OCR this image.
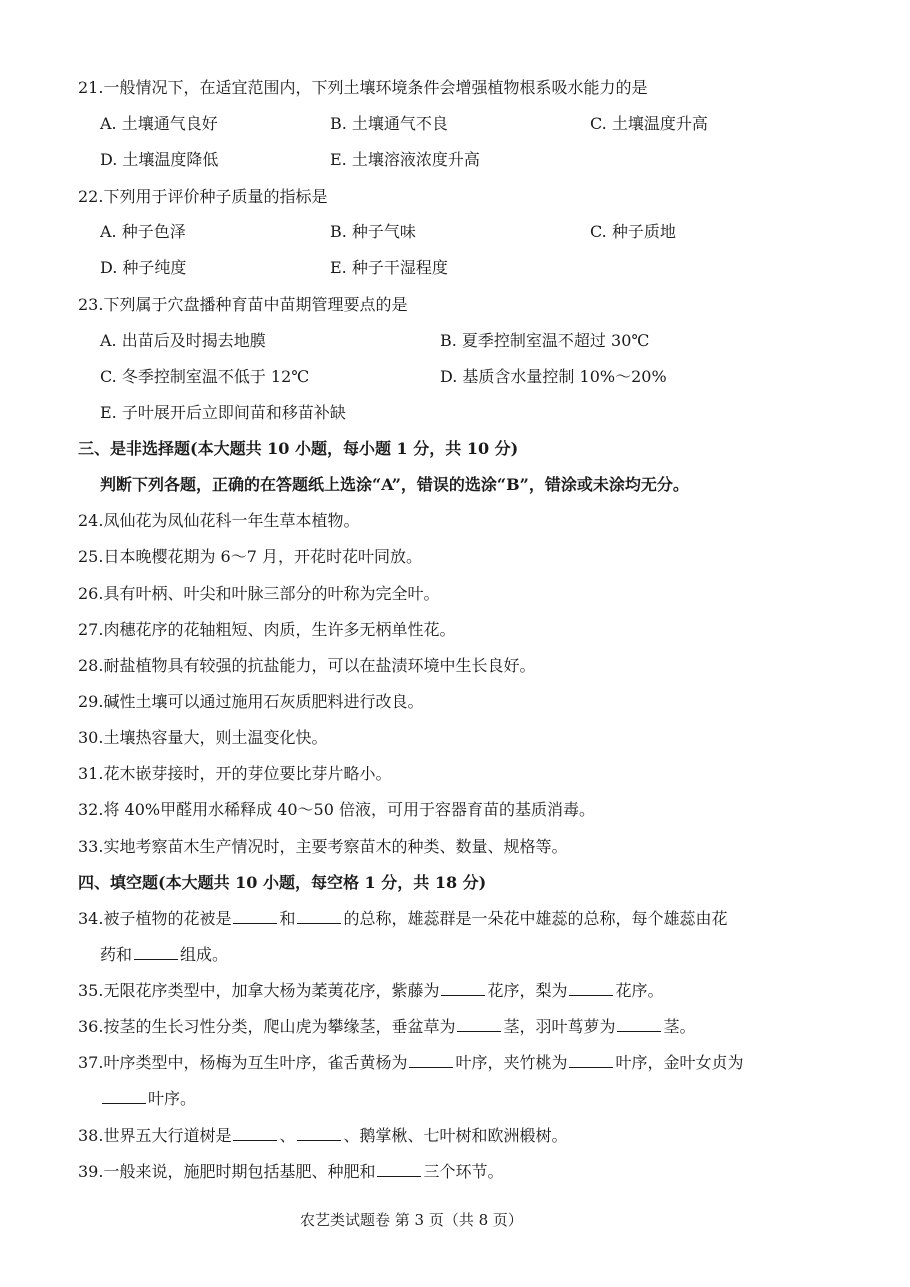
21.一般情况下，在适宜范围内，下列土壤环境条件会增强植物根系吸水能力的是
A. 土壤通气良好	B. 土壤通气不良	C. 土壤温度升高
D. 土壤温度降低	E. 土壤溶液浓度升高
22.下列用于评价种子质量的指标是
A. 种子色泽	B. 种子气味	C. 种子质地
D. 种子纯度	E. 种子干湿程度
23.下列属于穴盘播种育苗中苗期管理要点的是
A. 出苗后及时揭去地膜	B. 夏季控制室温不超过 30℃
C. 冬季控制室温不低于 12℃	D. 基质含水量控制 10%～20%
E. 子叶展开后立即间苗和移苗补缺
三、是非选择题(本大题共 10 小题，每小题 1 分，共 10 分)
判断下列各题，正确的在答题纸上选涂“A”，错误的选涂“B”，错涂或未涂均无分。
24.凤仙花为凤仙花科一年生草本植物。
25.日本晚樱花期为 6～7 月，开花时花叶同放。
26.具有叶柄、叶尖和叶脉三部分的叶称为完全叶。
27.肉穗花序的花轴粗短、肉质，生许多无柄单性花。
28.耐盐植物具有较强的抗盐能力，可以在盐渍环境中生长良好。
29.碱性土壤可以通过施用石灰质肥料进行改良。
30.土壤热容量大，则土温变化快。
31.花木嵌芽接时，开的芽位要比芽片略小。
32.将 40%甲醛用水稀释成 40～50 倍液，可用于容器育苗的基质消毒。
33.实地考察苗木生产情况时，主要考察苗木的种类、数量、规格等。
四、填空题(本大题共 10 小题，每空格 1 分，共 18 分)
34.被子植物的花被是	和	的总称，雄蕊群是一朵花中雄蕊的总称，每个雄蕊由花
药和	组成。
35.无限花序类型中，加拿大杨为葇荑花序，紫藤为	花序，梨为	花序。
36.按茎的生长习性分类，爬山虎为攀缘茎，垂盆草为	茎，羽叶茑萝为	茎。
37.叶序类型中，杨梅为互生叶序，雀舌黄杨为	叶序，夹竹桃为	叶序，金叶女贞为
叶序。
38.世界五大行道树是	、	、鹅掌楸、七叶树和欧洲椴树。
39.一般来说，施肥时期包括基肥、种肥和	三个环节。
农艺类试题卷 第 3 页（共 8 页）
